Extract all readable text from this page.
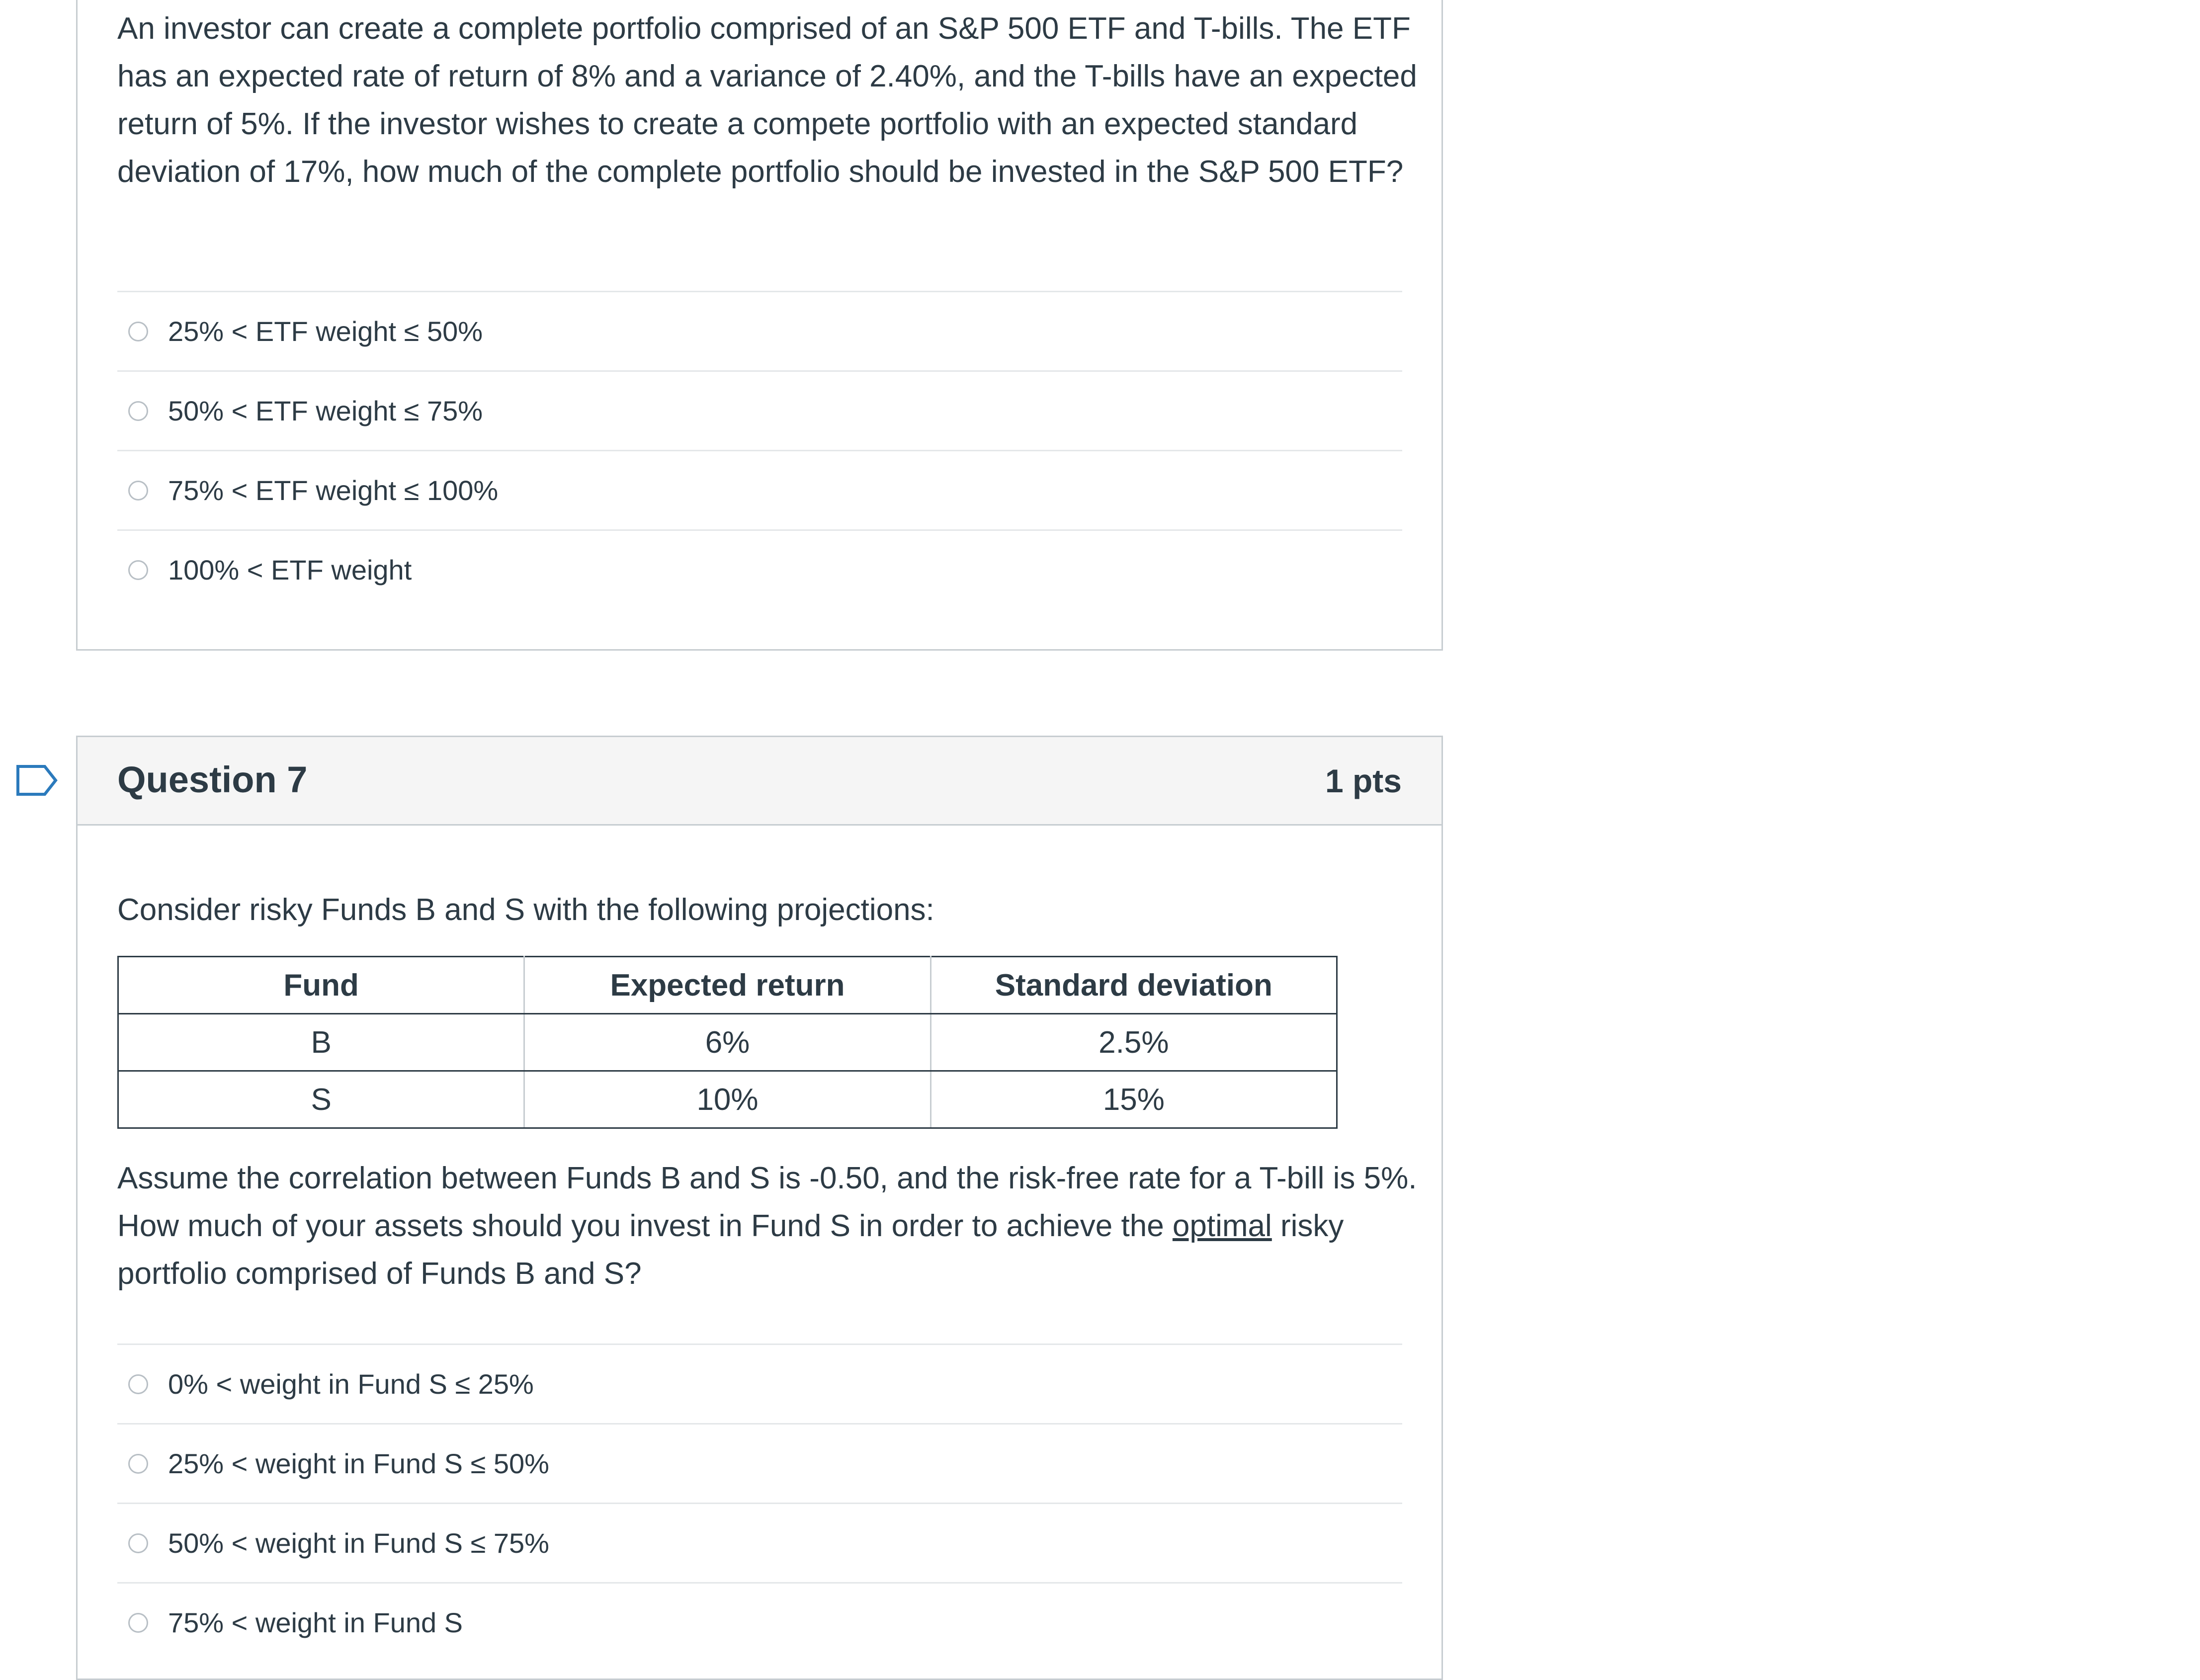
An investor can create a complete portfolio comprised of an S&P 500 ETF and T-bills. The ETF has an expected rate of return of 8% and a variance of 2.40%, and the T-bills have an expected return of 5%. If the investor wishes to create a compete portfolio with an expected standard deviation of 17%, how much of the complete portfolio should be invested in the S&P 500 ETF?

25% < ETF weight ≤ 50%
50% < ETF weight ≤ 75%
75% < ETF weight ≤ 100%
100% < ETF weight
Question 7	1 pts

Consider risky Funds B and S with the following projections:

Fund	Expected return	Standard deviation
B	6%	2.5%
S	10%	15%

Assume the correlation between Funds B and S is -0.50, and the risk-free rate for a T-bill is 5%. How much of your assets should you invest in Fund S in order to achieve the optimal risky portfolio comprised of Funds B and S?

0% < weight in Fund S ≤ 25%
25% < weight in Fund S ≤ 50%
50% < weight in Fund S ≤ 75%
75% < weight in Fund S
